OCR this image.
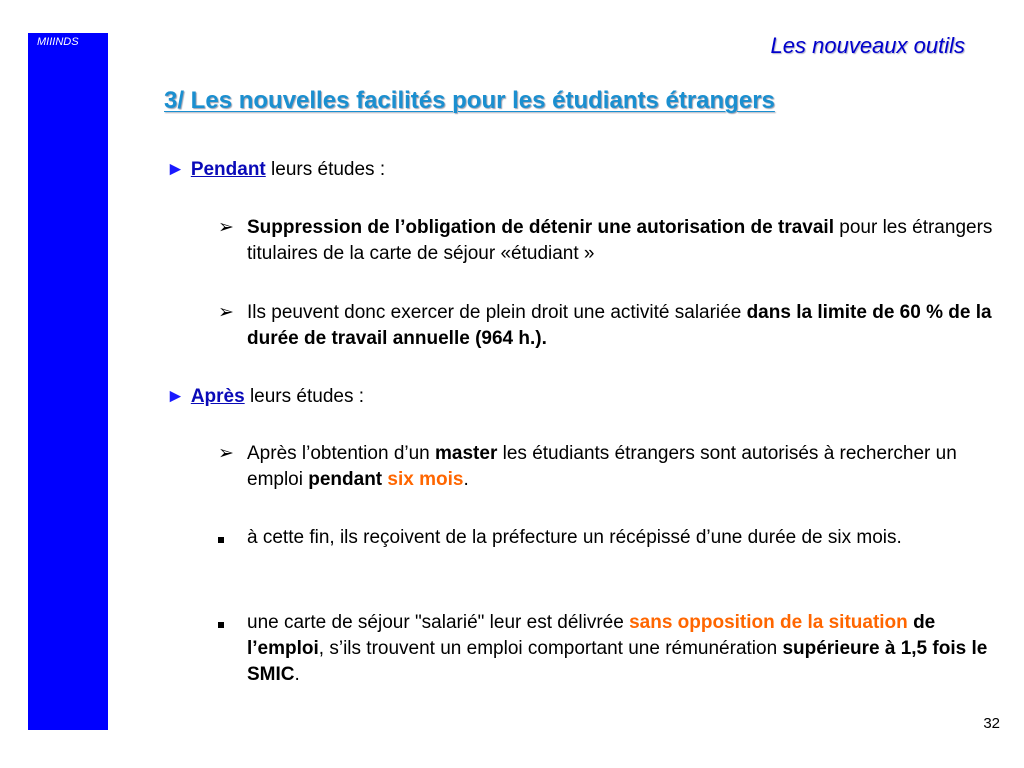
MIIINDS	Les nouveaux outils
3/ Les nouvelles facilités pour les étudiants étrangers
► Pendant leurs études :
➢ Suppression de l’obligation de détenir une autorisation de travail pour les étrangers titulaires de la carte de séjour «étudiant »
➢ Ils peuvent donc exercer de plein droit une activité salariée dans la limite de 60 % de la durée de travail annuelle (964 h.).
► Après leurs études :
➢ Après l’obtention d’un master les étudiants étrangers sont autorisés à rechercher un emploi pendant six mois.
à cette fin, ils reçoivent de la préfecture un récépissé d’une durée de six mois.
une carte de séjour "salarié" leur est délivrée sans opposition de la situation de l’emploi, s’ils trouvent un emploi comportant une rémunération supérieure à 1,5 fois le SMIC.
32
